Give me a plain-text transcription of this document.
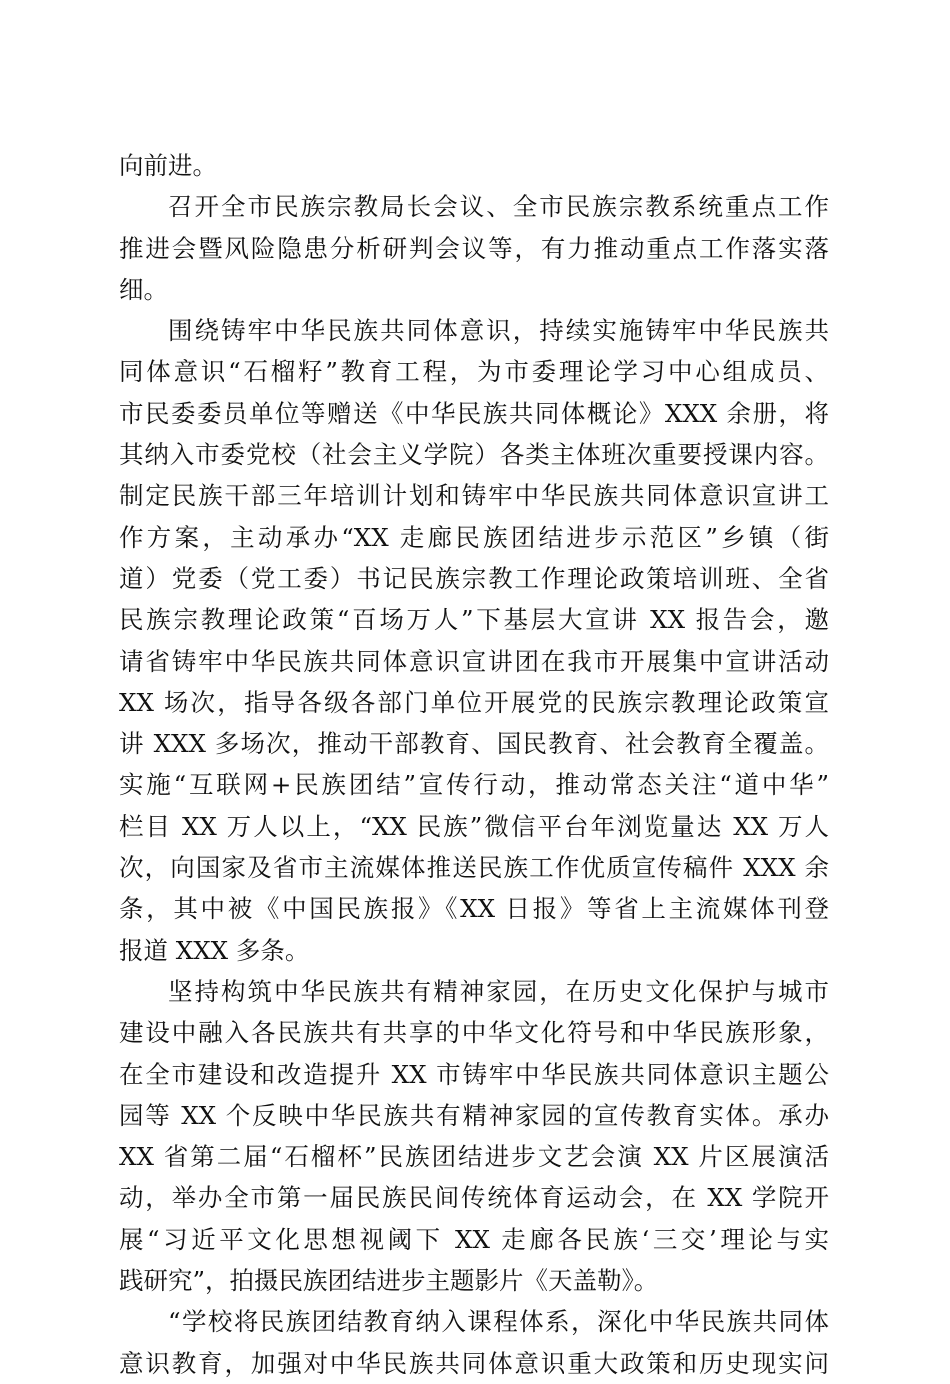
向前进。
召开全市民族宗教局长会议、全市民族宗教系统重点工作
推进会暨风险隐患分析研判会议等，有力推动重点工作落实落
细。
围绕铸牢中华民族共同体意识，持续实施铸牢中华民族共
同体意识“石榴籽”教育工程，为市委理论学习中心组成员、
市民委委员单位等赠送《中华民族共同体概论》XXX 余册，将
其纳入市委党校（社会主义学院）各类主体班次重要授课内容。
制定民族干部三年培训计划和铸牢中华民族共同体意识宣讲工
作方案，主动承办“XX 走廊民族团结进步示范区”乡镇（街
道）党委（党工委）书记民族宗教工作理论政策培训班、全省
民族宗教理论政策“百场万人”下基层大宣讲 XX 报告会，邀
请省铸牢中华民族共同体意识宣讲团在我市开展集中宣讲活动
XX 场次，指导各级各部门单位开展党的民族宗教理论政策宣
讲 XXX 多场次，推动干部教育、国民教育、社会教育全覆盖。
实施“互联网+民族团结”宣传行动，推动常态关注“道中华”
栏目 XX 万人以上，“XX 民族”微信平台年浏览量达 XX 万人
次，向国家及省市主流媒体推送民族工作优质宣传稿件 XXX 余
条，其中被《中国民族报》《XX 日报》等省上主流媒体刊登
报道 XXX 多条。
坚持构筑中华民族共有精神家园，在历史文化保护与城市
建设中融入各民族共有共享的中华文化符号和中华民族形象，
在全市建设和改造提升 XX 市铸牢中华民族共同体意识主题公
园等 XX 个反映中华民族共有精神家园的宣传教育实体。承办
XX 省第二届“石榴杯”民族团结进步文艺会演 XX 片区展演活
动，举办全市第一届民族民间传统体育运动会，在 XX 学院开
展“习近平文化思想视阈下 XX 走廊各民族‘三交’理论与实
践研究”，拍摄民族团结进步主题影片《天盖勒》。
“学校将民族团结教育纳入课程体系，深化中华民族共同体
意识教育，加强对中华民族共同体意识重大政策和历史现实问
